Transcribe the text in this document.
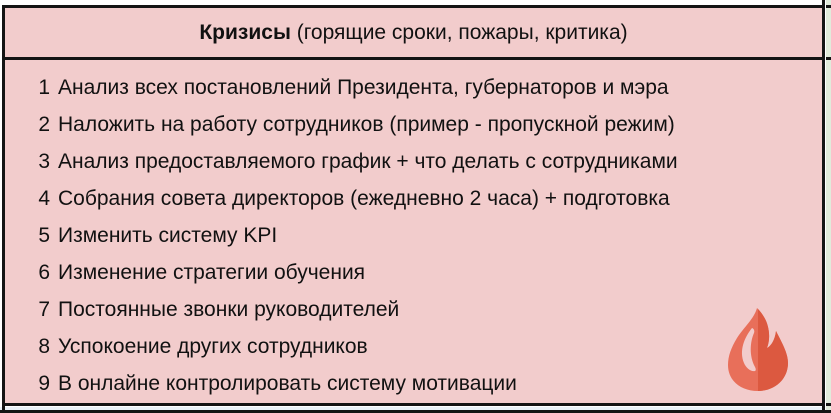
Кризисы (горящие сроки, пожары, критика)
1 Анализ всех постановлений Президента, губернаторов и мэра
2 Наложить на работу сотрудников (пример - пропускной режим)
3 Анализ предоставляемого график + что делать с сотрудниками
4 Собрания совета директоров (ежедневно 2 часа) + подготовка
5 Изменить систему KPI
6 Изменение стратегии обучения
7 Постоянные звонки руководителей
8 Успокоение других сотрудников
9 В онлайне контролировать систему мотивации
